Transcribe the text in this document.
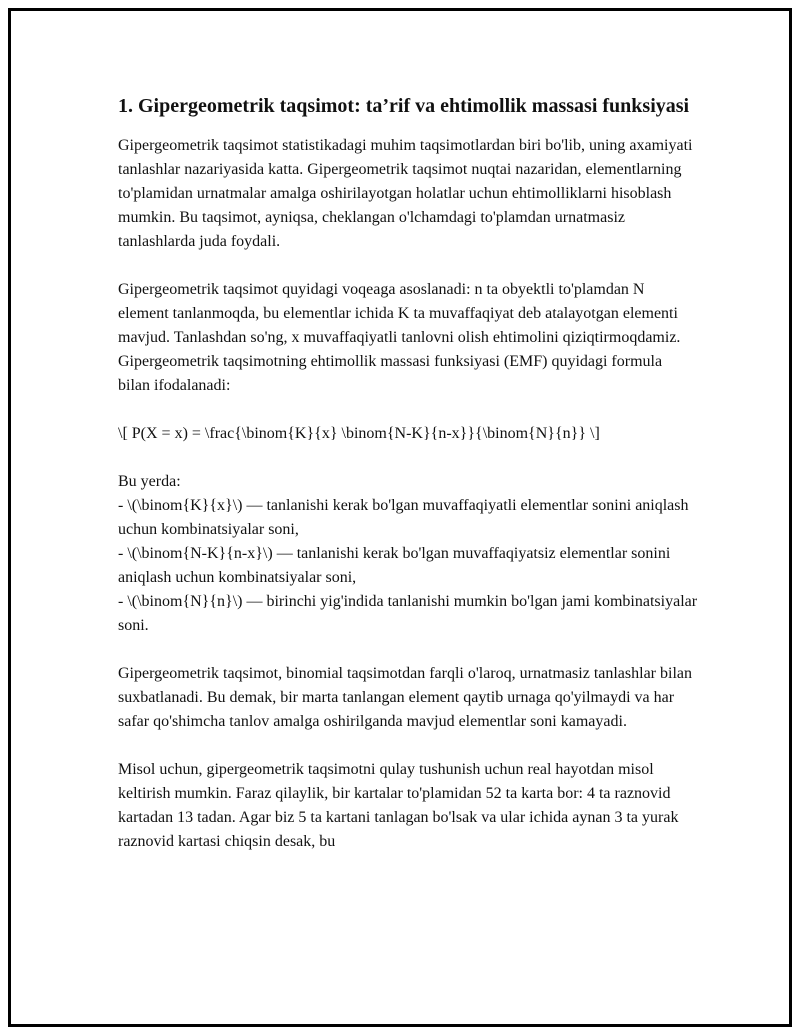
1. Gipergeometrik taqsimot: ta’rif va ehtimollik massasi funksiyasi

Gipergeometrik taqsimot statistikadagi muhim taqsimotlardan biri bo'lib, uning axamiyati tanlashlar nazariyasida katta. Gipergeometrik taqsimot nuqtai nazaridan, elementlarning to'plamidan urnatmalar amalga oshirilayotgan holatlar uchun ehtimolliklarni hisoblash mumkin. Bu taqsimot, ayniqsa, cheklangan o'lchamdagi to'plamdan urnatmasiz tanlashlarda juda foydali.

Gipergeometrik taqsimot quyidagi voqeaga asoslanadi: n ta obyektli to'plamdan N element tanlanmoqda, bu elementlar ichida K ta muvaffaqiyat deb atalayotgan elementi mavjud. Tanlashdan so'ng, x muvaffaqiyatli tanlovni olish ehtimolini qiziqtirmoqdamiz. Gipergeometrik taqsimotning ehtimollik massasi funksiyasi (EMF) quyidagi formula bilan ifodalanadi:

\[ P(X = x) = \frac{\binom{K}{x} \binom{N-K}{n-x}}{\binom{N}{n}} \]

Bu yerda:
- \(\binom{K}{x}\) — tanlanishi kerak bo'lgan muvaffaqiyatli elementlar sonini aniqlash uchun kombinatsiyalar soni,
- \(\binom{N-K}{n-x}\) — tanlanishi kerak bo'lgan muvaffaqiyatsiz elementlar sonini aniqlash uchun kombinatsiyalar soni,
- \(\binom{N}{n}\) — birinchi yig'indida tanlanishi mumkin bo'lgan jami kombinatsiyalar soni.

Gipergeometrik taqsimot, binomial taqsimotdan farqli o'laroq, urnatmasiz tanlashlar bilan suxbatlanadi. Bu demak, bir marta tanlangan element qaytib urnaga qo'yilmaydi va har safar qo'shimcha tanlov amalga oshirilganda mavjud elementlar soni kamayadi.

Misol uchun, gipergeometrik taqsimotni qulay tushunish uchun real hayotdan misol keltirish mumkin. Faraz qilaylik, bir kartalar to'plamidan 52 ta karta bor: 4 ta raznovid kartadan 13 tadan. Agar biz 5 ta kartani tanlagan bo'lsak va ular ichida aynan 3 ta yurak raznovid kartasi chiqsin desak, bu
